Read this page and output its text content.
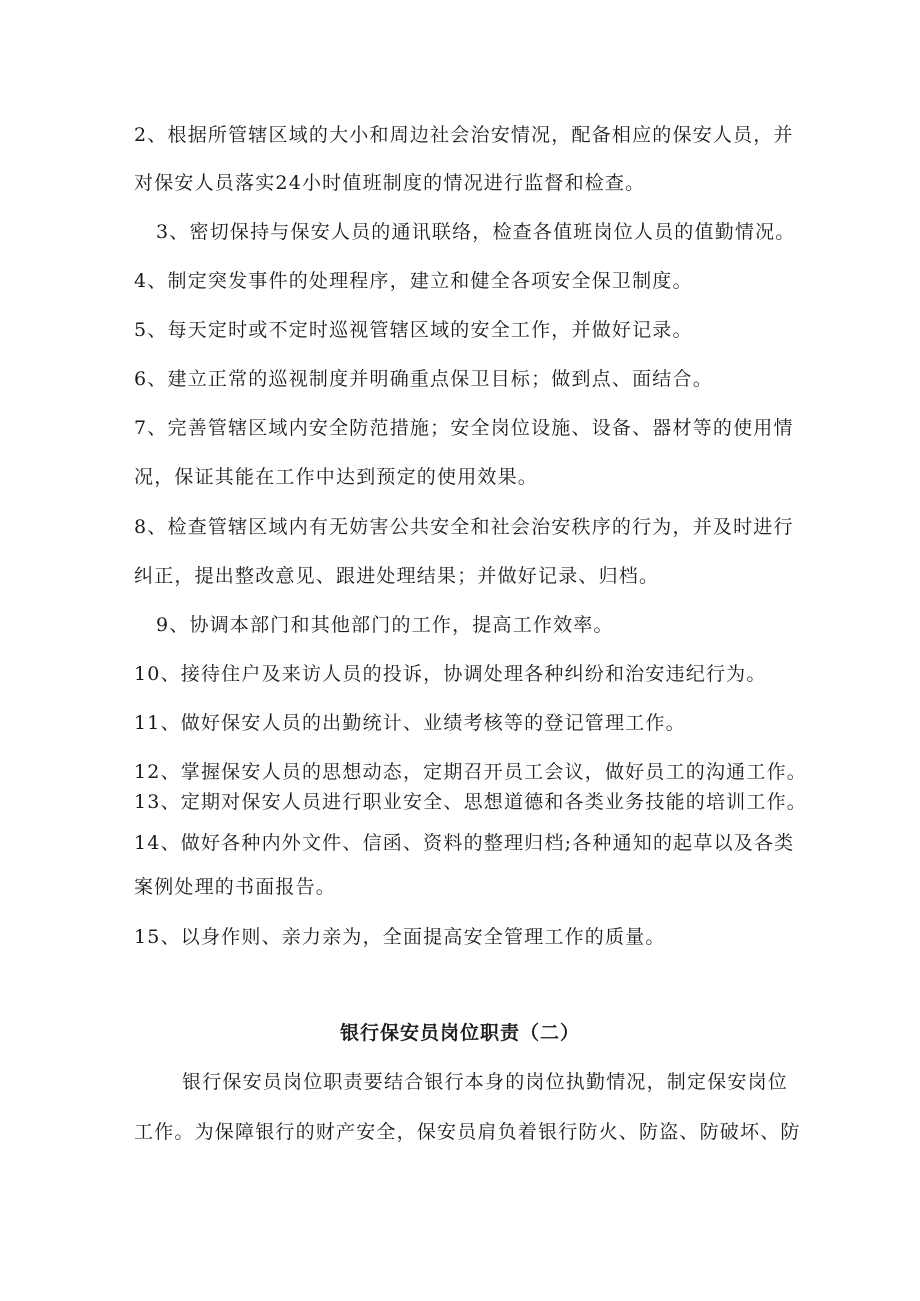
2、根据所管辖区域的大小和周边社会治安情况，配备相应的保安人员，并
对保安人员落实24小时值班制度的情况进行监督和检查。
3、密切保持与保安人员的通讯联络，检查各值班岗位人员的值勤情况。
4、制定突发事件的处理程序，建立和健全各项安全保卫制度。
5、每天定时或不定时巡视管辖区域的安全工作，并做好记录。
6、建立正常的巡视制度并明确重点保卫目标；做到点、面结合。
7、完善管辖区域内安全防范措施；安全岗位设施、设备、器材等的使用情
况，保证其能在工作中达到预定的使用效果。
8、检查管辖区域内有无妨害公共安全和社会治安秩序的行为，并及时进行
纠正，提出整改意见、跟进处理结果；并做好记录、归档。
9、协调本部门和其他部门的工作，提高工作效率。
10、接待住户及来访人员的投诉，协调处理各种纠纷和治安违纪行为。
11、做好保安人员的出勤统计、业绩考核等的登记管理工作。
12、掌握保安人员的思想动态，定期召开员工会议，做好员工的沟通工作。
13、定期对保安人员进行职业安全、思想道德和各类业务技能的培训工作。
14、做好各种内外文件、信函、资料的整理归档;各种通知的起草以及各类
案例处理的书面报告。
15、以身作则、亲力亲为，全面提高安全管理工作的质量。
银行保安员岗位职责（二）
银行保安员岗位职责要结合银行本身的岗位执勤情况，制定保安岗位
工作。为保障银行的财产安全，保安员肩负着银行防火、防盗、防破坏、防
